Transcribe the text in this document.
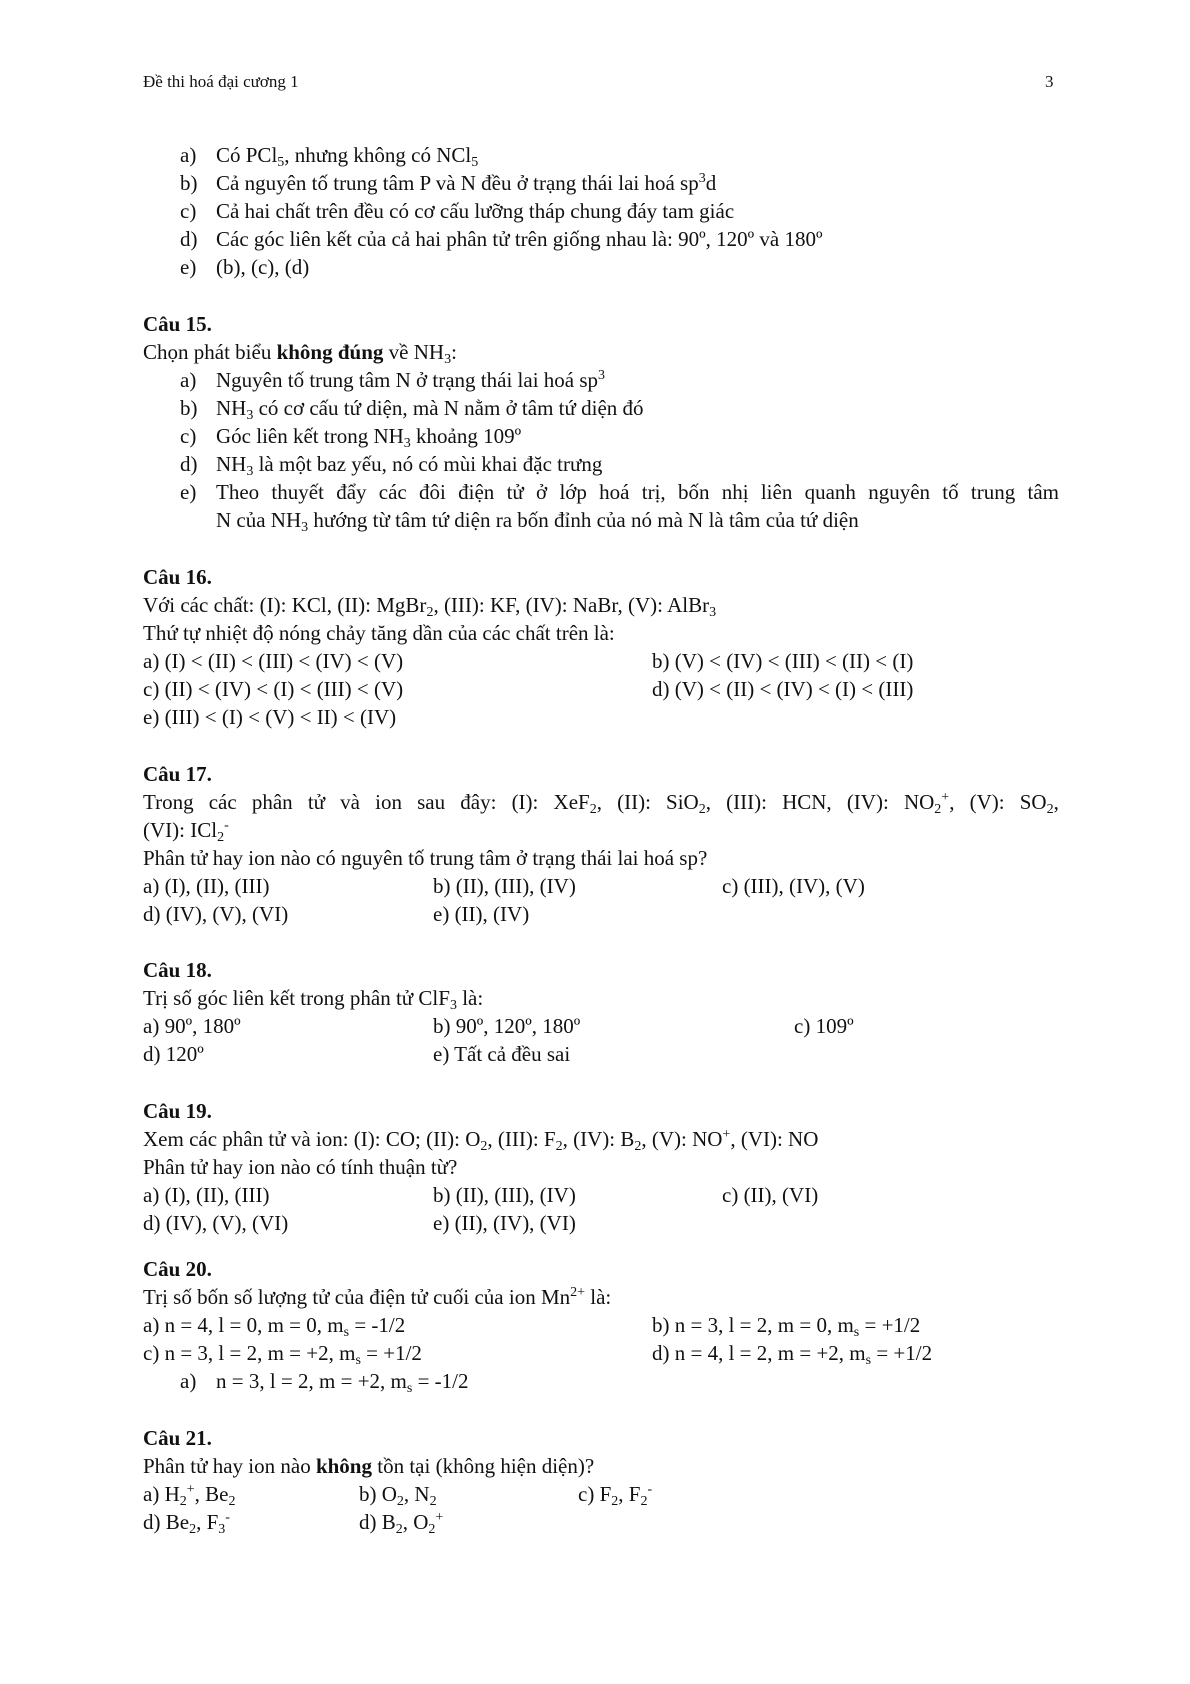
Đề thi hoá đại cương 1	3
a) Có PCl$_5$, nhưng không có NCl$_5$
b) Cả nguyên tố trung tâm P và N đều ở trạng thái lai hoá $sp^3d$
c) Cả hai chất trên đều có cơ cấu lưỡng tháp chung đáy tam giác
d) Các góc liên kết của cả hai phân tử trên giống nhau là: 90º, 120º và 180º
e) (b), (c), (d)
Câu 15.
Chọn phát biểu không đúng về $NH_3$:
a) Nguyên tố trung tâm N ở trạng thái lai hoá $sp^3$
b) $NH_3$ có cơ cấu tứ diện, mà N nằm ở tâm tứ diện đó
c) Góc liên kết trong $NH_3$ khoảng 109º
d) $NH_3$ là một baz yếu, nó có mùi khai đặc trưng
e) Theo thuyết đẩy các đôi điện tử ở lớp hoá trị, bốn nhị liên quanh nguyên tố trung tâm
N của $NH_3$ hướng từ tâm tứ diện ra bốn đỉnh của nó mà N là tâm của tứ diện
Câu 16.
Với các chất: (I): KCl, (II): MgBr$_2$, (III): KF, (IV): NaBr, (V): AlBr$_3$
Thứ tự nhiệt độ nóng chảy tăng dần của các chất trên là:
a) (I) < (II) < (III) < (IV) < (V)	b) (V) < (IV) < (III) < (II) < (I)
c) (II) < (IV) < (I) < (III) < (V)	d) (V) < (II) < (IV) < (I) < (III)
e) (III) < (I) < (V) < II) < (IV)
Câu 17.
Trong các phân tử và ion sau đây: (I): XeF$_2$, (II): SiO$_2$, (III): HCN, (IV): $NO_2^+$, (V): $SO_2$,
(VI): ICl$_2$-
Phân tử hay ion nào có nguyên tố trung tâm ở trạng thái lai hoá sp?
a) (I), (II), (III)	b) (II), (III), (IV)	c) (III), (IV), (V)
d) (IV), (V), (VI)	e) (II), (IV)
Câu 18.
Trị số góc liên kết trong phân tử ClF$_3$ là:
a) 90º, 180º	b) 90º, 120º, 180º	c) 109º
d) 120º	e) Tất cả đều sai
Câu 19.
Xem các phân tử và ion: (I): CO; (II): $O_2$, (III): $F_2$, (IV): $B_2$, (V): NO+, (VI): NO
Phân tử hay ion nào có tính thuận từ?
a) (I), (II), (III)	b) (II), (III), (IV)	c) (II), (VI)
d) (IV), (V), (VI)	e) (II), (IV), (VI)
Câu 20.
Trị số bốn số lượng tử của điện tử cuối của ion $Mn^{2+}$ là:
a) n = 4, l = 0, m = 0, $m_s = -1/2$	b) n = 3, l = 2, m = 0, $m_s = +1/2$
c) n = 3, l = 2, m = +2, $m_s = +1/2$	d) n = 4, l = 2, m = +2, $m_s = +1/2$
a) n = 3, l = 2, m = +2, $m_s = -1/2$
Câu 21.
Phân tử hay ion nào không tồn tại (không hiện diện)?
a) $H_2^+$, $Be_2$	b) $O_2$, $N_2$	c) $F_2$, $F_2^-$
d) $Be_2$, $F_3^-$	d) $B_2$, $O_2^+$
